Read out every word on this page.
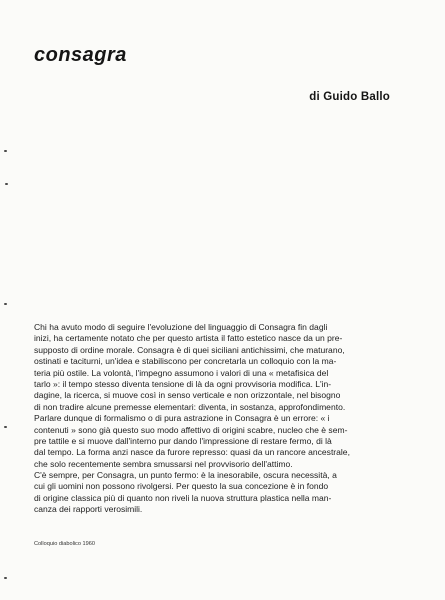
consagra
di Guido Ballo
Chi ha avuto modo di seguire l'evoluzione del linguaggio di Consagra fin dagli
inizi, ha certamente notato che per questo artista il fatto estetico nasce da un pre-
supposto di ordine morale. Consagra è di quei siciliani antichissimi, che maturano,
ostinati e taciturni, un'idea e stabiliscono per concretarla un colloquio con la ma-
teria più ostile. La volontà, l'impegno assumono i valori di una « metafisica del
tarlo »: il tempo stesso diventa tensione di là da ogni provvisoria modifica. L'in-
dagine, la ricerca, si muove così in senso verticale e non orizzontale, nel bisogno
di non tradire alcune premesse elementari: diventa, in sostanza, approfondimento.
Parlare dunque di formalismo o di pura astrazione in Consagra è un errore: « i
contenuti » sono già questo suo modo affettivo di origini scabre, nucleo che è sem-
pre tattile e si muove dall'interno pur dando l'impressione di restare fermo, di là
dal tempo. La forma anzi nasce da furore represso: quasi da un rancore ancestrale,
che solo recentemente sembra smussarsi nel provvisorio dell'attimo.
C'è sempre, per Consagra, un punto fermo: è la inesorabile, oscura necessità, a
cui gli uomini non possono rivolgersi. Per questo la sua concezione è in fondo
di origine classica più di quanto non riveli la nuova struttura plastica nella man-
canza dei rapporti verosimili.
Colloquio diabolico 1960
